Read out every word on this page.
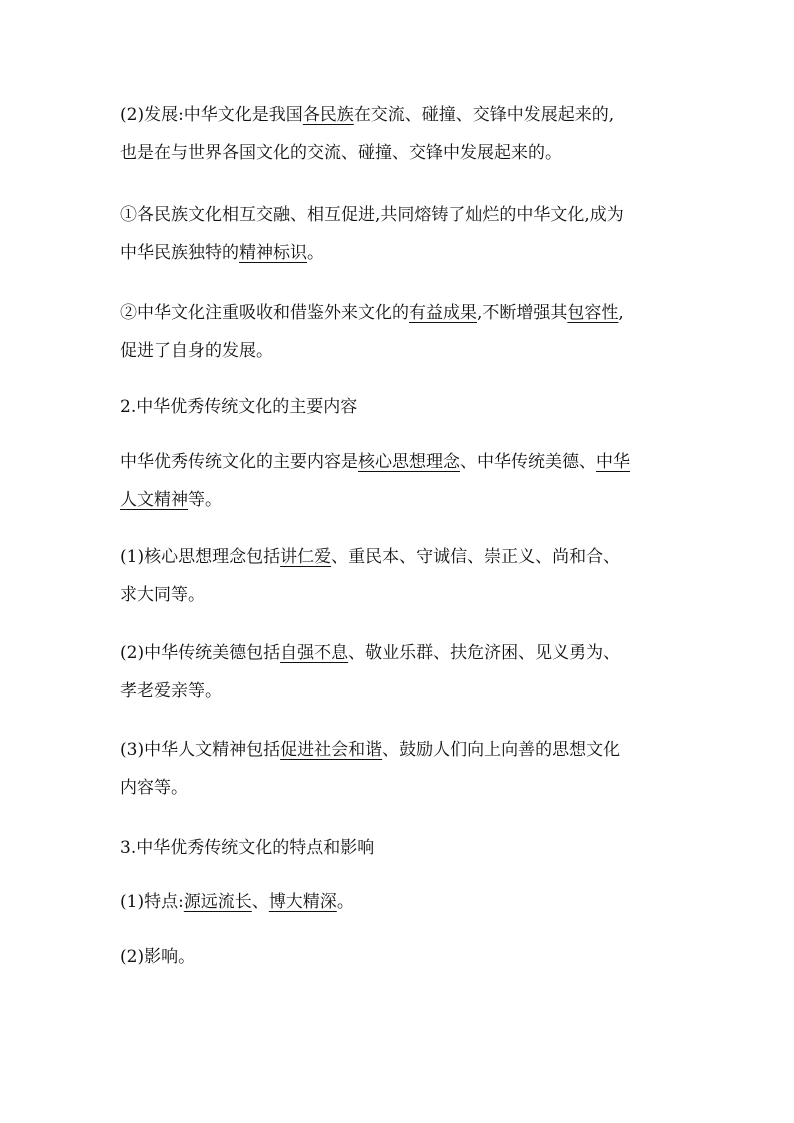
(2)发展:中华文化是我国各民族在交流、碰撞、交锋中发展起来的,
也是在与世界各国文化的交流、碰撞、交锋中发展起来的。
①各民族文化相互交融、相互促进,共同熔铸了灿烂的中华文化,成为
中华民族独特的精神标识。
②中华文化注重吸收和借鉴外来文化的有益成果,不断增强其包容性,
促进了自身的发展。
2.中华优秀传统文化的主要内容
中华优秀传统文化的主要内容是核心思想理念、中华传统美德、中华
人文精神等。
(1)核心思想理念包括讲仁爱、重民本、守诚信、崇正义、尚和合、
求大同等。
(2)中华传统美德包括自强不息、敬业乐群、扶危济困、见义勇为、
孝老爱亲等。
(3)中华人文精神包括促进社会和谐、鼓励人们向上向善的思想文化
内容等。
3.中华优秀传统文化的特点和影响
(1)特点:源远流长、博大精深。
(2)影响。
